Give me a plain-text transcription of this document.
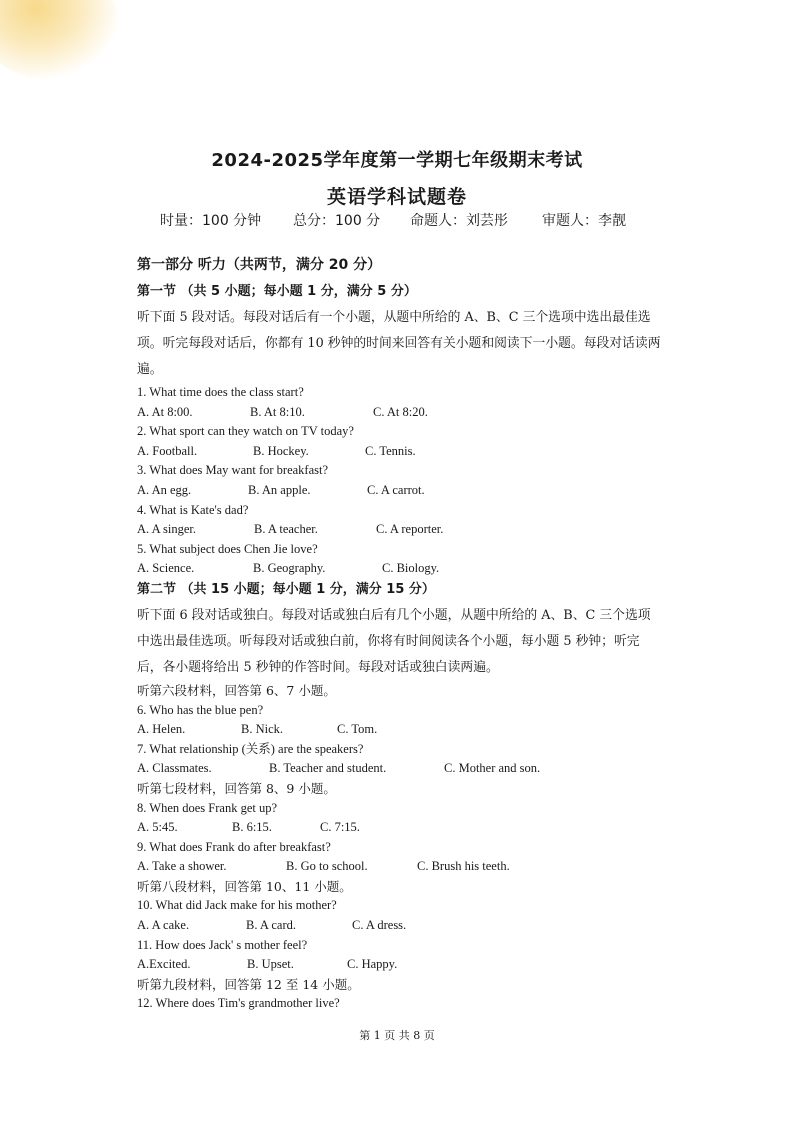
2024-2025学年度第一学期七年级期末考试
英语学科试题卷
时量：100 分钟 总分：100 分 命题人：刘芸彤 审题人：李靓
第一部分 听力（共两节，满分 20 分）
第一节 （共 5 小题；每小题 1 分，满分 5 分）
听下面 5 段对话。每段对话后有一个小题，从题中所给的 A、B、C 三个选项中选出最佳选项。听完每段对话后，你都有 10 秒钟的时间来回答有关小题和阅读下一小题。每段对话读两遍。
1. What time does the class start?
A. At 8:00.	B. At 8:10.	C. At 8:20.
2. What sport can they watch on TV today?
A. Football.	B. Hockey.	C. Tennis.
3. What does May want for breakfast?
A. An egg.	B. An apple.	C. A carrot.
4. What is Kate's dad?
A. A singer.	B. A teacher.	C. A reporter.
5. What subject does Chen Jie love?
A. Science.	B. Geography.	C. Biology.
第二节 （共 15 小题；每小题 1 分，满分 15 分）
听下面 6 段对话或独白。每段对话或独白后有几个小题，从题中所给的 A、B、C 三个选项中选出最佳选项。听每段对话或独白前，你将有时间阅读各个小题，每小题 5 秒钟；听完后，各小题将给出 5 秒钟的作答时间。每段对话或独白读两遍。
听第六段材料，回答第 6、7 小题。
6. Who has the blue pen?
A. Helen.	B. Nick.	C. Tom.
7. What relationship (关系) are the speakers?
A. Classmates.	B. Teacher and student.	C. Mother and son.
听第七段材料，回答第 8、9 小题。
8. When does Frank get up?
A. 5:45.	B. 6:15.	C. 7:15.
9. What does Frank do after breakfast?
A. Take a shower.	B. Go to school.	C. Brush his teeth.
听第八段材料，回答第 10、11 小题。
10. What did Jack make for his mother?
A. A cake.	B. A card.	C. A dress.
11. How does Jack' s mother feel?
A.Excited.	B. Upset.	C. Happy.
听第九段材料，回答第 12 至 14 小题。
12. Where does Tim's grandmother live?
第 1 页 共 8 页
